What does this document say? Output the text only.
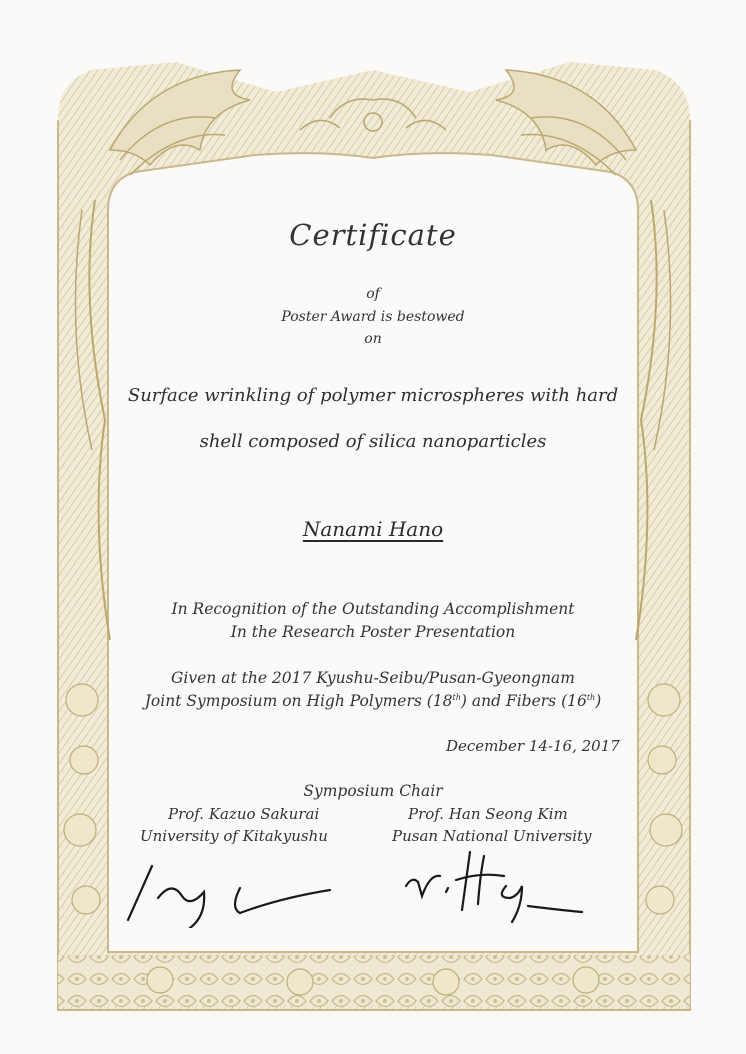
Certificate
of
Poster Award is bestowed
on
Surface wrinkling of polymer microspheres with hard
shell composed of silica nanoparticles
Nanami Hano
In Recognition of the Outstanding Accomplishment
In the Research Poster Presentation
Given at the 2017 Kyushu-Seibu/Pusan-Gyeongnam
Joint Symposium on High Polymers (18th) and Fibers (16th)
December 14-16, 2017
Symposium Chair
Prof. Kazuo Sakurai
University of Kitakyushu
Prof. Han Seong Kim
Pusan National University
